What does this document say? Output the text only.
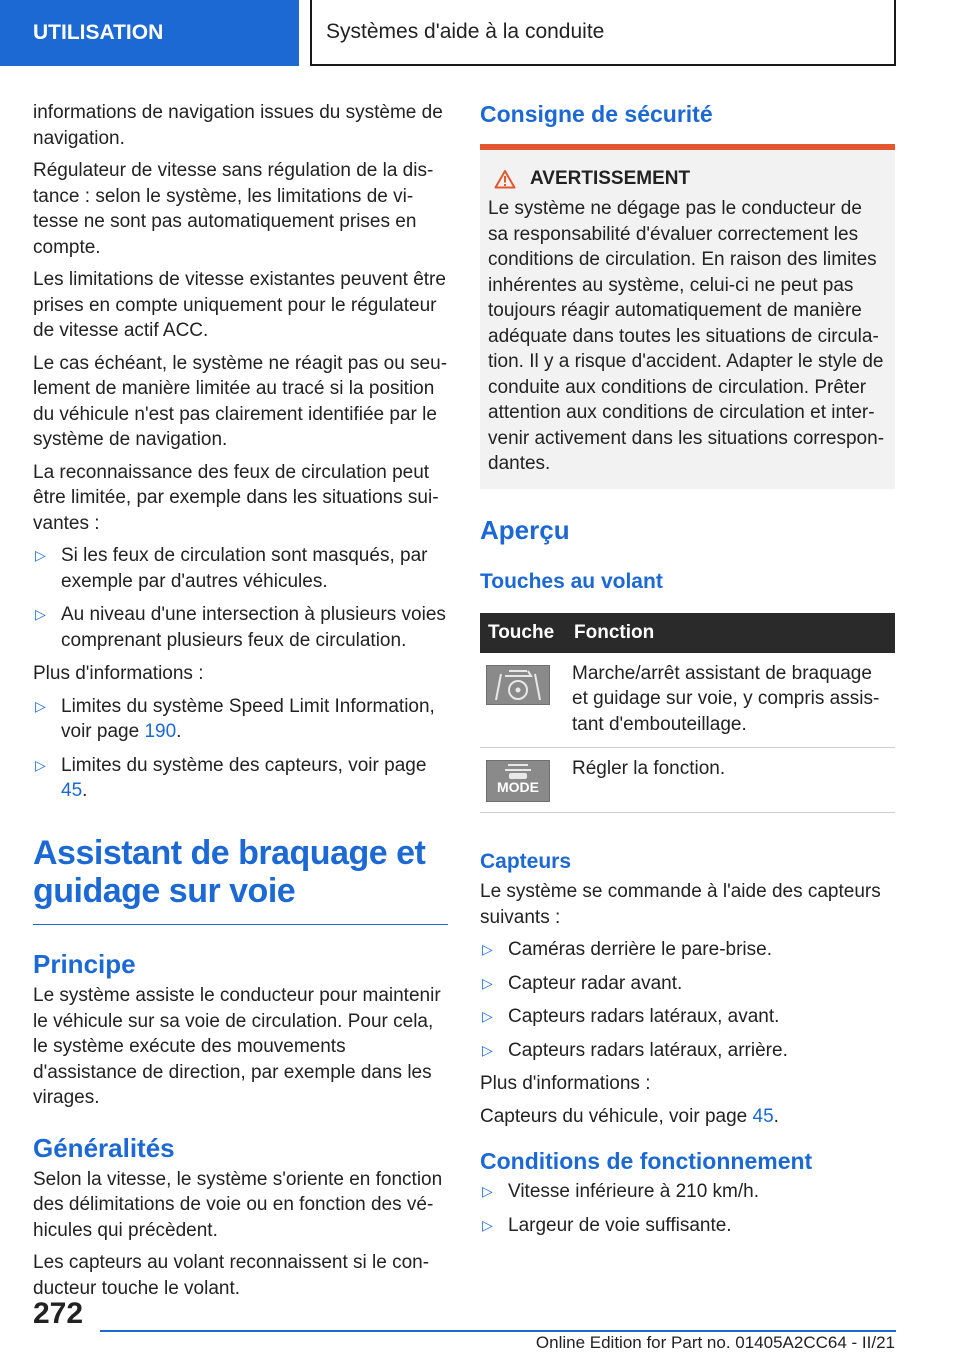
UTILISATION	Systèmes d'aide à la conduite

informations de navigation issues du système de navigation.

Régulateur de vitesse sans régulation de la distance : selon le système, les limitations de vitesse ne sont pas automatiquement prises en compte.

Les limitations de vitesse existantes peuvent être prises en compte uniquement pour le régulateur de vitesse actif ACC.

Le cas échéant, le système ne réagit pas ou seulement de manière limitée au tracé si la position du véhicule n'est pas clairement identifiée par le système de navigation.

La reconnaissance des feux de circulation peut être limitée, par exemple dans les situations suivantes :

▷ Si les feux de circulation sont masqués, par exemple par d'autres véhicules.
▷ Au niveau d'une intersection à plusieurs voies comprenant plusieurs feux de circulation.

Plus d'informations :

▷ Limites du système Speed Limit Information, voir page 190.
▷ Limites du système des capteurs, voir page 45.
Assistant de braquage et guidage sur voie
Principe

Le système assiste le conducteur pour maintenir le véhicule sur sa voie de circulation. Pour cela, le système exécute des mouvements d'assistance de direction, par exemple dans les virages.

Généralités

Selon la vitesse, le système s'oriente en fonction des délimitations de voie ou en fonction des véhicules qui précèdent.

Les capteurs au volant reconnaissent si le conducteur touche le volant.

Consigne de sécurité
AVERTISSEMENT

Le système ne dégage pas le conducteur de sa responsabilité d'évaluer correctement les conditions de circulation. En raison des limites inhérentes au système, celui-ci ne peut pas toujours réagir automatiquement de manière adéquate dans toutes les situations de circulation. Il y a risque d'accident. Adapter le style de conduite aux conditions de circulation. Prêter attention aux conditions de circulation et intervenir activement dans les situations correspondantes.

Aperçu
Touches au volant
Touche	Fonction

	Marche/arrêt assistant de braquage et guidage sur voie, y compris assistant d'embouteillage.

MODE	Régler la fonction.
Capteurs

Le système se commande à l'aide des capteurs suivants :

▷ Caméras derrière le pare-brise.
▷ Capteur radar avant.
▷ Capteurs radars latéraux, avant.
▷ Capteurs radars latéraux, arrière.

Plus d'informations :

Capteurs du véhicule, voir page 45.

Conditions de fonctionnement
▷ Vitesse inférieure à 210 km/h.
▷ Largeur de voie suffisante.
272
Online Edition for Part no. 01405A2CC64 - II/21
